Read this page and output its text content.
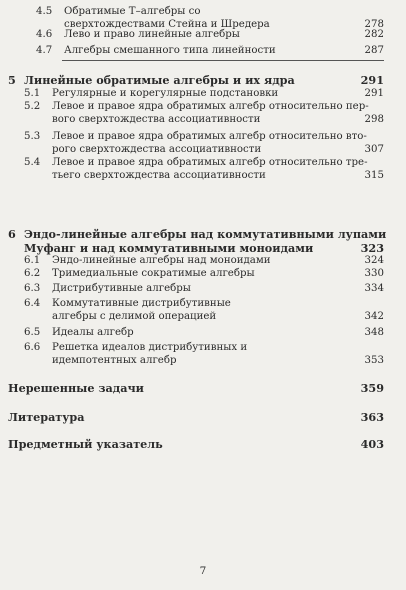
4.5 Обратимые T–алгебры со
сверхтождествами Стейна и Шредера	278
4.6 Лево и право линейные алгебры	282
4.7 Алгебры смешанного типа линейности	287
5 Линейные обратимые алгебры и их ядра	291
5.1 Регулярные и корегулярные подстановки	291
5.2 Левое и правое ядра обратимых алгебр относительно пер-
вого сверхтождества ассоциативности	298
5.3 Левое и правое ядра обратимых алгебр относительно вто-
рого сверхтождества ассоциативности	307
5.4 Левое и правое ядра обратимых алгебр относительно тре-
тьего сверхтождества ассоциативности	315
6 Эндо-линейные алгебры над коммутативными лупами
Муфанг и над коммутативными моноидами	323
6.1 Эндо-линейные алгебры над моноидами	324
6.2 Тримедиальные сократимые алгебры	330
6.3 Дистрибутивные алгебры	334
6.4 Коммутативные дистрибутивные
алгебры с делимой операцией	342
6.5 Идеалы алгебр	348
6.6 Решетка идеалов дистрибутивных и
идемпотентных алгебр	353
Нерешенные задачи	359
Литература	363
Предметный указатель	403
7
